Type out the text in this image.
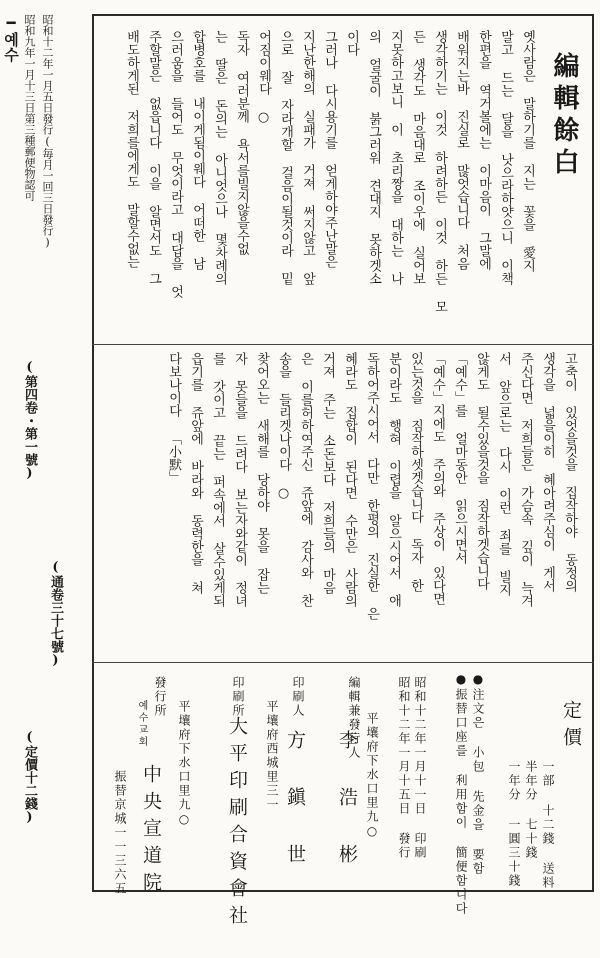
━예수 昭和九年一月十三日第三種郵便物認可 昭和十二年一月五日發行(毎月一回三日發行)
(第四卷･第一號)
(通卷三十七號)
(定價十二錢)
編輯餘白
옛사람은 말하기를 지는 꽃을 愛지
말고 드는 달을 낫으라하얏으니 이책
한편을 역거볼에는 이마음이 그말에
배워지는바 진실로 많엇습니다 처음
생각하기는 이것 하려하든 이것 하든 모
든 생각도 마음대로 조이우에 실어보
지못하고보니 이 초리짱을 대하는 나
의 얼굴이 붉그러워 견대지 못하겟소
이다
그러나 다시용기를 얻게하야주난말은
지난한해의 실패가 거져 써지않고 앞
으로 잘 자라개할 걸음이될것이라 밑
어짐이웨다 ○
독자 여러분께 욕서를빌지않을수없
는 딸은 돈의는 아니엇으나 몇차례의
합병호를 내이게됨이웨다 어떠한 남
으러움을 들어도 무엇이라고 대답을 엇
주할말은 없읍니다 이을 알면서도 그
배도하게된 저희를에게도 말할수없는
고축이 있엇을것을 집작하야 동정의
생각을 넓을이히 혜아려주심이 게서
주신다면 저희들은 가슴속 깊이 늑겨
서 앞으로는 다시 이런 죄를 빌지
않게도 될수있을것을 짐작하겟습니다
「예수」를 얼마동안 읽으시면서
「예수」지에도 주의와 주상이 있다면
있는것을 짐작하셋겟습니다 독자 한
분이라도 행혀 이렵을 알으시어서 애
독하어주시어서 다만 한평의 진실한 은
혜라도 집합이 된다면 수만은 사람의
거져 주는 소돈보다 저희들의 마음
은 이를허하여주신 쥬앞에 감사와 찬
송을 들리겟나이다 ○
찾어오는 새해를 당하야 못을 잡는
자 못들을 드려다 보는자와같이 정녀
를 갓이고 끝는 퍼속에서 살수있게되
읍기를 쥬앞에 바라와 동력한을 쳐
다보나이다 「小默」
定價
一部 十二錢
半年分 七十錢
一年分 一圓三十錢 送料
●注文은 小包 先金을 要함
●振替口座를 利用함이 簡便함니다
昭和十二年一月十一日 印刷
昭和十二年一月十五日 發行
編輯兼發行人 平壤府下水口里九○
李 浩 彬
印刷人
平壤府西城里三一 方 鎭 世
印刷所
大平印刷合資會社
發行所
예수교회	平壤府下水口里九○
中央宣道院
振替京城一一三六五
